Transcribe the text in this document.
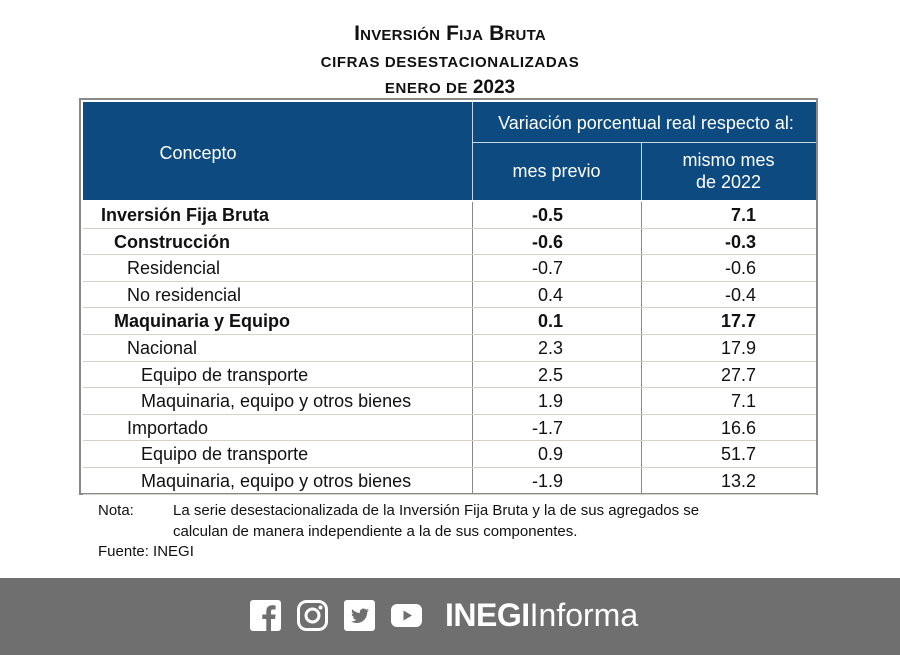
Inversión Fija Bruta
CIFRAS DESESTACIONALIZADAS
ENERO DE 2023
Concepto
Variación porcentual real respecto al:
mes previo
mismo mes
de 2022
Inversión Fija Bruta	-0.5	7.1
Construcción	-0.6	-0.3
Residencial	-0.7	-0.6
No residencial	0.4	-0.4
Maquinaria y Equipo	0.1	17.7
Nacional	2.3	17.9
Equipo de transporte	2.5	27.7
Maquinaria, equipo y otros bienes	1.9	7.1
Importado	-1.7	16.6
Equipo de transporte	0.9	51.7
Maquinaria, equipo y otros bienes	-1.9	13.2
Nota:	La serie desestacionalizada de la Inversión Fija Bruta y la de sus agregados se
calculan de manera independiente a la de sus componentes.
Fuente: INEGI
INEGIInforma
